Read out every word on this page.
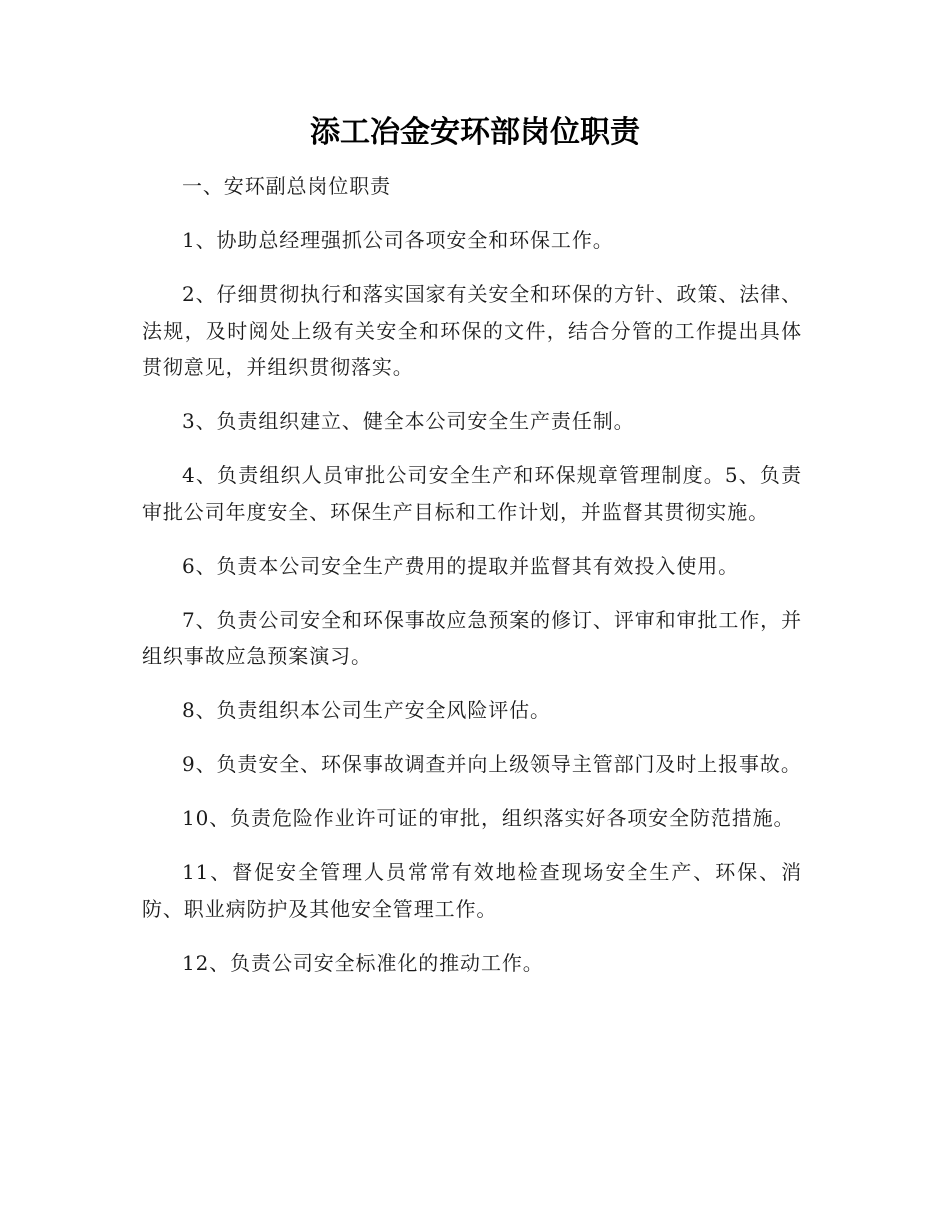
添工冶金安环部岗位职责

一、安环副总岗位职责

1、协助总经理强抓公司各项安全和环保工作。

2、仔细贯彻执行和落实国家有关安全和环保的方针、政策、法律、法规，及时阅处上级有关安全和环保的文件，结合分管的工作提出具体贯彻意见，并组织贯彻落实。

3、负责组织建立、健全本公司安全生产责任制。

4、负责组织人员审批公司安全生产和环保规章管理制度。5、负责审批公司年度安全、环保生产目标和工作计划，并监督其贯彻实施。

6、负责本公司安全生产费用的提取并监督其有效投入使用。

7、负责公司安全和环保事故应急预案的修订、评审和审批工作，并组织事故应急预案演习。

8、负责组织本公司生产安全风险评估。

9、负责安全、环保事故调查并向上级领导主管部门及时上报事故。

10、负责危险作业许可证的审批，组织落实好各项安全防范措施。

11、督促安全管理人员常常有效地检查现场安全生产、环保、消防、职业病防护及其他安全管理工作。

12、负责公司安全标准化的推动工作。
